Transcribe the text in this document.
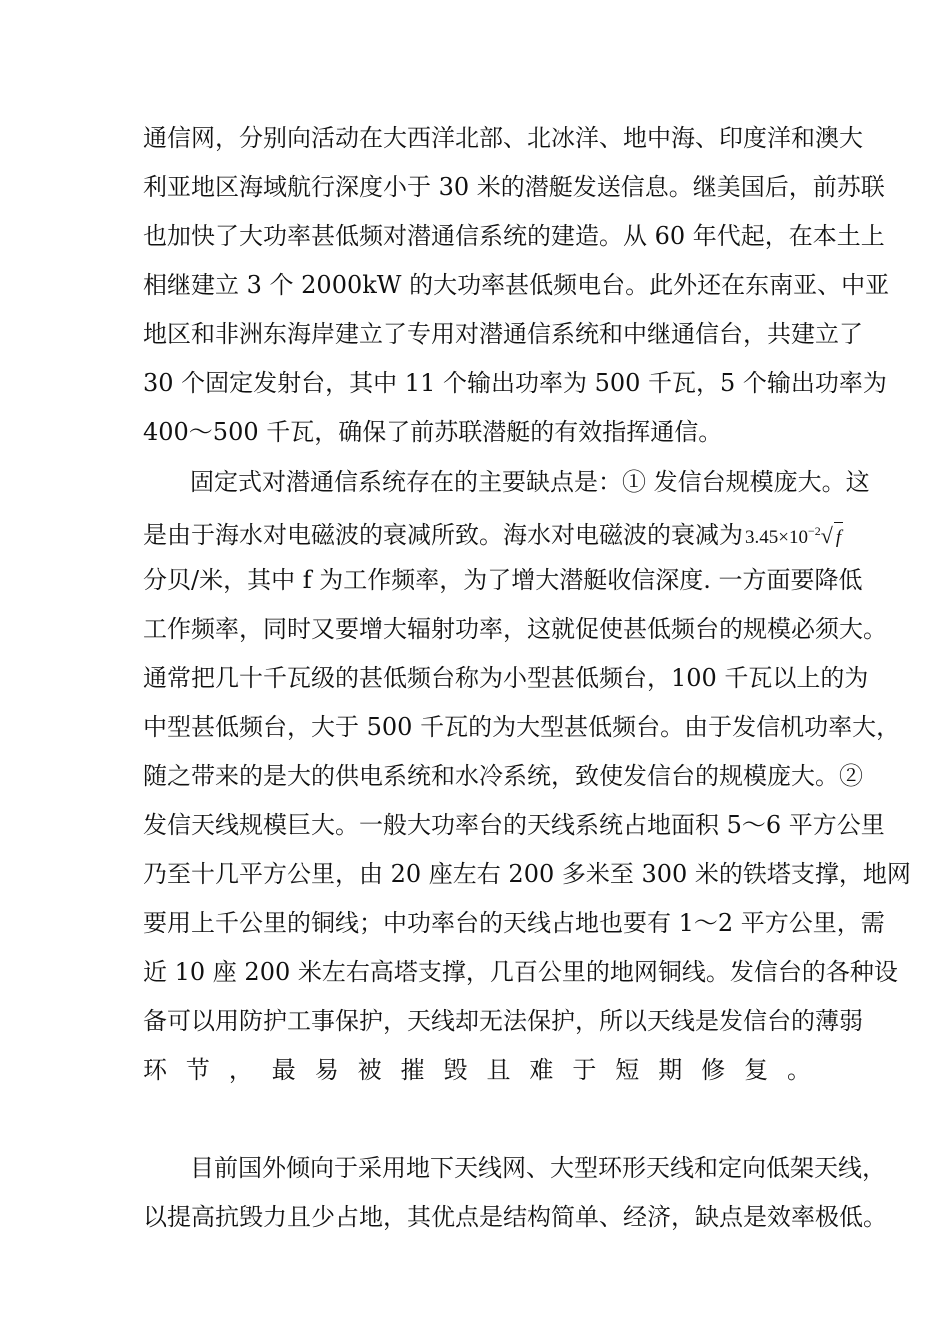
通信网，分别向活动在大西洋北部、北冰洋、地中海、印度洋和澳大
利亚地区海域航行深度小于 30 米的潜艇发送信息。继美国后，前苏联
也加快了大功率甚低频对潜通信系统的建造。从 60 年代起，在本土上
相继建立 3 个 2000kW 的大功率甚低频电台。此外还在东南亚、中亚
地区和非洲东海岸建立了专用对潜通信系统和中继通信台，共建立了
30 个固定发射台，其中 11 个输出功率为 500 千瓦，5 个输出功率为
400～500 千瓦，确保了前苏联潜艇的有效指挥通信。
固定式对潜通信系统存在的主要缺点是：① 发信台规模庞大。这
是由于海水对电磁波的衰减所致。海水对电磁波的衰减为 $3.45\times 10^{-2}√$ f
分贝/米，其中 f 为工作频率，为了增大潜艇收信深度. 一方面要降低
工作频率，同时又要增大辐射功率，这就促使甚低频台的规模必须大。
通常把几十千瓦级的甚低频台称为小型甚低频台，100 千瓦以上的为
中型甚低频台，大于 500 千瓦的为大型甚低频台。由于发信机功率大，
随之带来的是大的供电系统和水冷系统，致使发信台的规模庞大。②
发信天线规模巨大。一般大功率台的天线系统占地面积 5～6 平方公里
乃至十几平方公里，由 20 座左右 200 多米至 300 米的铁塔支撑，地网
要用上千公里的铜线；中功率台的天线占地也要有 1～2 平方公里，需
近 10 座 200 米左右高塔支撑，几百公里的地网铜线。发信台的各种设
备可以用防护工事保护，天线却无法保护，所以天线是发信台的薄弱
环节，最易被摧毁且难于短期修复。
目前国外倾向于采用地下天线网、大型环形天线和定向低架天线，
以提高抗毁力且少占地，其优点是结构简单、经济，缺点是效率极低。
